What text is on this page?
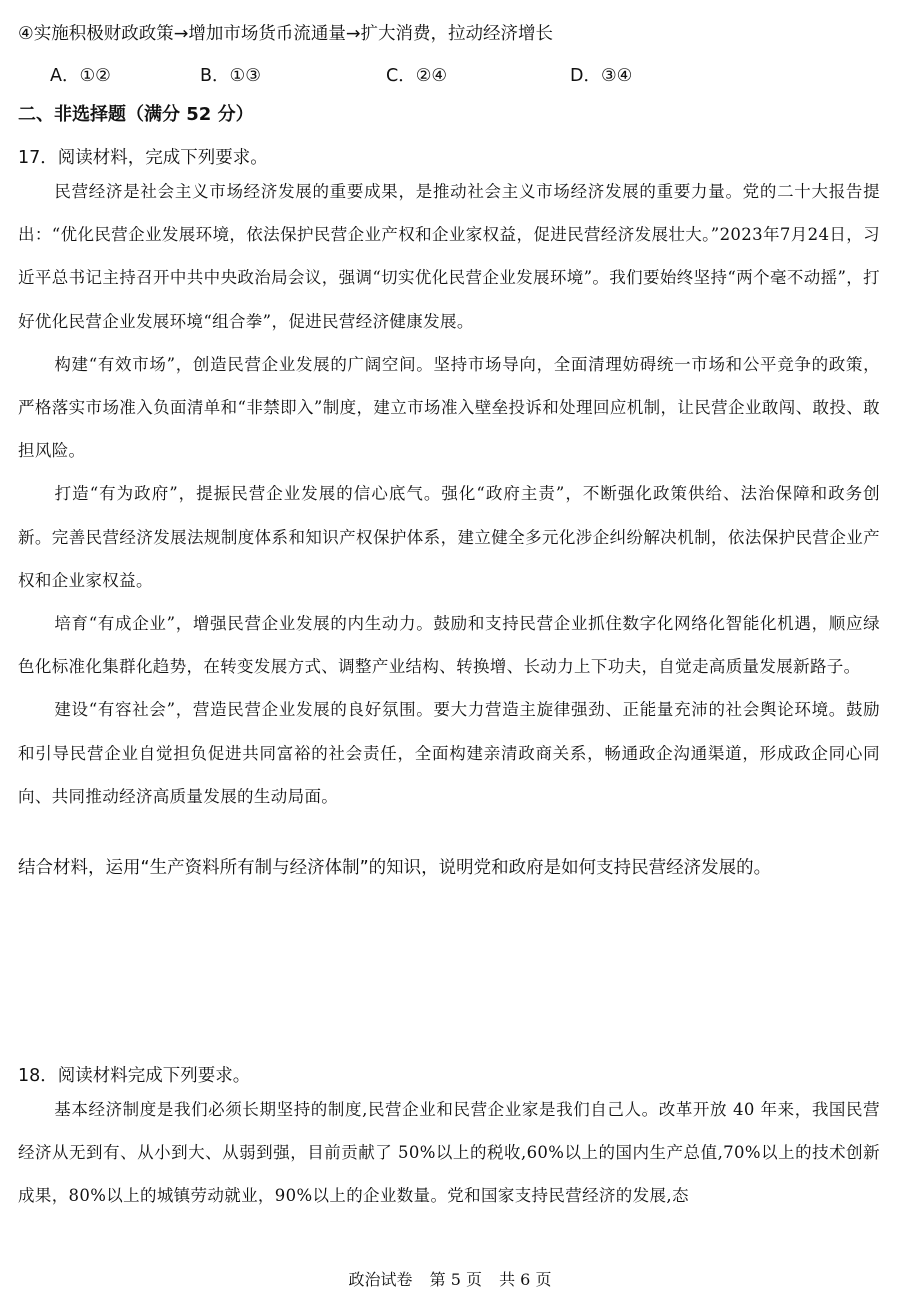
④实施积极财政政策→增加市场货币流通量→扩大消费，拉动经济增长
A．①②	B．①③	C．②④	D．③④
二、非选择题（满分 52 分）
17．阅读材料，完成下列要求。
民营经济是社会主义市场经济发展的重要成果，是推动社会主义市场经济发展的重要力量。党的二十大报告提出：“优化民营企业发展环境，依法保护民营企业产权和企业家权益，促进民营经济发展壮大。”2023年7月24日，习近平总书记主持召开中共中央政治局会议，强调“切实优化民营企业发展环境”。我们要始终坚持“两个毫不动摇”，打好优化民营企业发展环境“组合拳”，促进民营经济健康发展。
构建“有效市场”，创造民营企业发展的广阔空间。坚持市场导向，全面清理妨碍统一市场和公平竞争的政策，严格落实市场准入负面清单和“非禁即入”制度，建立市场准入壁垒投诉和处理回应机制，让民营企业敢闯、敢投、敢担风险。
打造“有为政府”，提振民营企业发展的信心底气。强化“政府主责”，不断强化政策供给、法治保障和政务创新。完善民营经济发展法规制度体系和知识产权保护体系，建立健全多元化涉企纠纷解决机制，依法保护民营企业产权和企业家权益。
培育“有成企业”，增强民营企业发展的内生动力。鼓励和支持民营企业抓住数字化网络化智能化机遇，顺应绿色化标准化集群化趋势，在转变发展方式、调整产业结构、转换增、长动力上下功夫，自觉走高质量发展新路子。
建设“有容社会”，营造民营企业发展的良好氛围。要大力营造主旋律强劲、正能量充沛的社会舆论环境。鼓励和引导民营企业自觉担负促进共同富裕的社会责任，全面构建亲清政商关系，畅通政企沟通渠道，形成政企同心同向、共同推动经济高质量发展的生动局面。
结合材料，运用“生产资料所有制与经济体制”的知识，说明党和政府是如何支持民营经济发展的。
18．阅读材料完成下列要求。
基本经济制度是我们必须长期坚持的制度,民营企业和民营企业家是我们自己人。改革开放 40 年来，我国民营经济从无到有、从小到大、从弱到强，目前贡献了 50%以上的税收,60%以上的国内生产总值,70%以上的技术创新成果，80%以上的城镇劳动就业，90%以上的企业数量。党和国家支持民营经济的发展,态
政治试卷 第 5 页 共 6 页
